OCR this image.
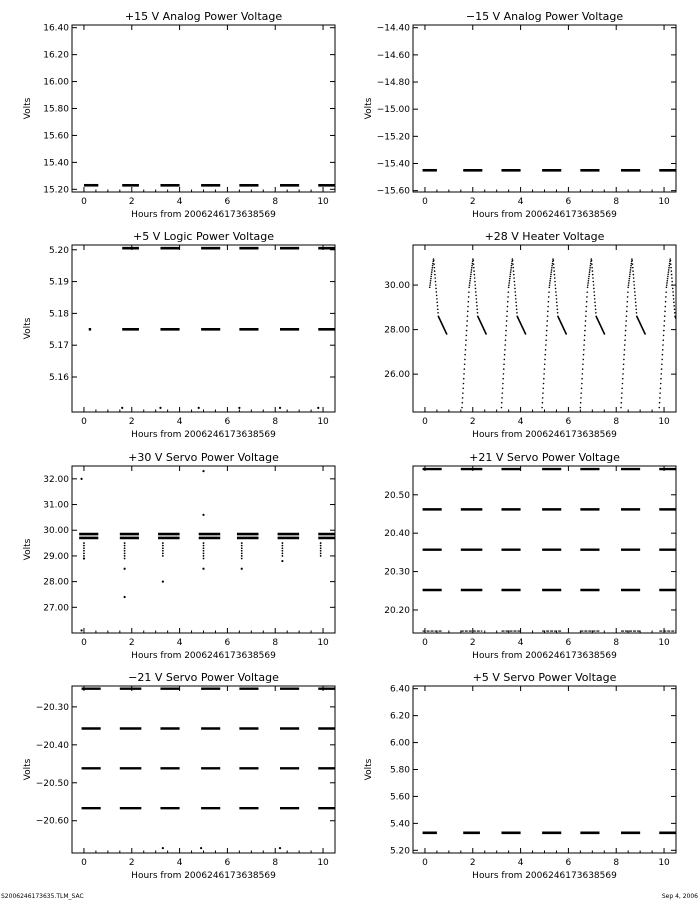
+15 V Analog Power Voltage
0	2	4	6	8	10
15.20
15.40
15.60
15.80
16.00
16.20
16.40
Hours from 2006246173638569
Volts
−15 V Analog Power Voltage
0	2	4	6	8	10
−14.40
−14.60
−14.80
−15.00
−15.20
−15.40
−15.60
Hours from 2006246173638569
Volts
+5 V Logic Power Voltage
0	2	4	6	8	10
5.16
5.17
5.18
5.19
5.20
Hours from 2006246173638569
Volts
+28 V Heater Voltage
0	2	4	6	8	10
26.00
28.00
30.00
Hours from 2006246173638569
+30 V Servo Power Voltage
0	2	4	6	8	10
27.00
28.00
29.00
30.00
31.00
32.00
Hours from 2006246173638569
Volts
+21 V Servo Power Voltage
0	2	4	6	8	10
20.20
20.30
20.40
20.50
Hours from 2006246173638569
−21 V Servo Power Voltage
0	2	4	6	8	10
−20.30
−20.40
−20.50
−20.60
Hours from 2006246173638569
Volts
+5 V Servo Power Voltage
0	2	4	6	8	10
5.20
5.40
5.60
5.80
6.00
6.20
6.40
Hours from 2006246173638569
Volts
S2006246173635.TLM_SAC	Sep 4, 2006
